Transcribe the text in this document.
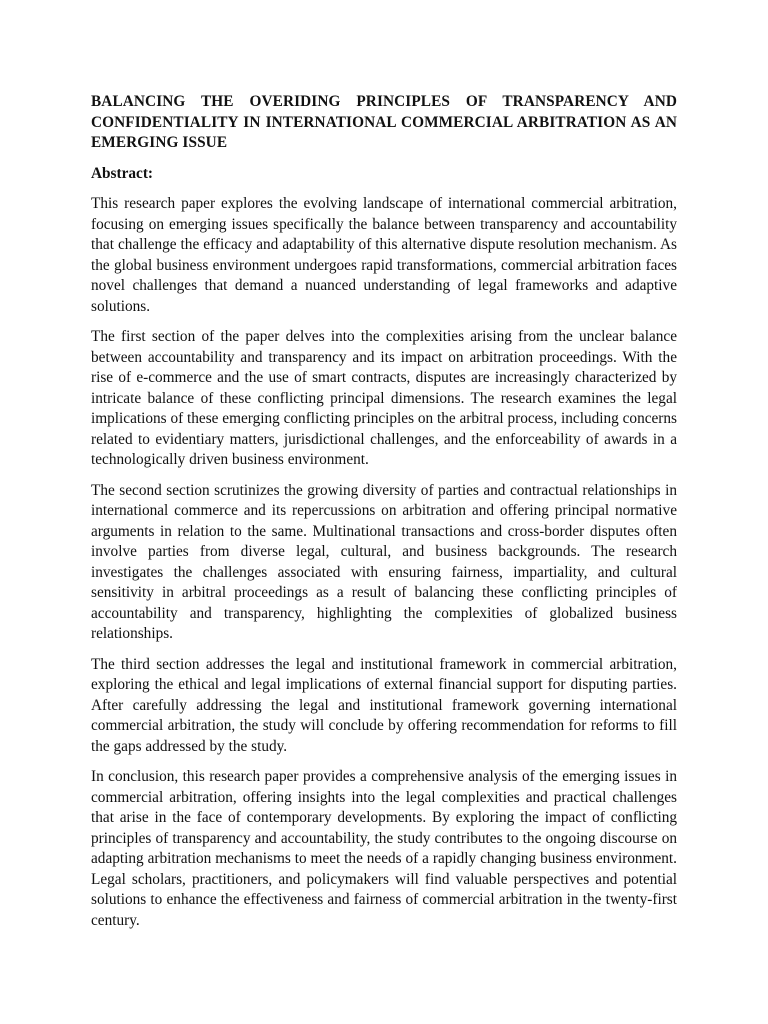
BALANCING THE OVERIDING PRINCIPLES OF TRANSPARENCY AND CONFIDENTIALITY IN INTERNATIONAL COMMERCIAL ARBITRATION AS AN EMERGING ISSUE
Abstract:
This research paper explores the evolving landscape of international commercial arbitration, focusing on emerging issues specifically the balance between transparency and accountability that challenge the efficacy and adaptability of this alternative dispute resolution mechanism. As the global business environment undergoes rapid transformations, commercial arbitration faces novel challenges that demand a nuanced understanding of legal frameworks and adaptive solutions.
The first section of the paper delves into the complexities arising from the unclear balance between accountability and transparency and its impact on arbitration proceedings. With the rise of e-commerce and the use of smart contracts, disputes are increasingly characterized by intricate balance of these conflicting principal dimensions. The research examines the legal implications of these emerging conflicting principles on the arbitral process, including concerns related to evidentiary matters, jurisdictional challenges, and the enforceability of awards in a technologically driven business environment.
The second section scrutinizes the growing diversity of parties and contractual relationships in international commerce and its repercussions on arbitration and offering principal normative arguments in relation to the same. Multinational transactions and cross-border disputes often involve parties from diverse legal, cultural, and business backgrounds. The research investigates the challenges associated with ensuring fairness, impartiality, and cultural sensitivity in arbitral proceedings as a result of balancing these conflicting principles of accountability and transparency, highlighting the complexities of globalized business relationships.
The third section addresses the legal and institutional framework in commercial arbitration, exploring the ethical and legal implications of external financial support for disputing parties. After carefully addressing the legal and institutional framework governing international commercial arbitration, the study will conclude by offering recommendation for reforms to fill the gaps addressed by the study.
In conclusion, this research paper provides a comprehensive analysis of the emerging issues in commercial arbitration, offering insights into the legal complexities and practical challenges that arise in the face of contemporary developments. By exploring the impact of conflicting principles of transparency and accountability, the study contributes to the ongoing discourse on adapting arbitration mechanisms to meet the needs of a rapidly changing business environment. Legal scholars, practitioners, and policymakers will find valuable perspectives and potential solutions to enhance the effectiveness and fairness of commercial arbitration in the twenty-first century.
